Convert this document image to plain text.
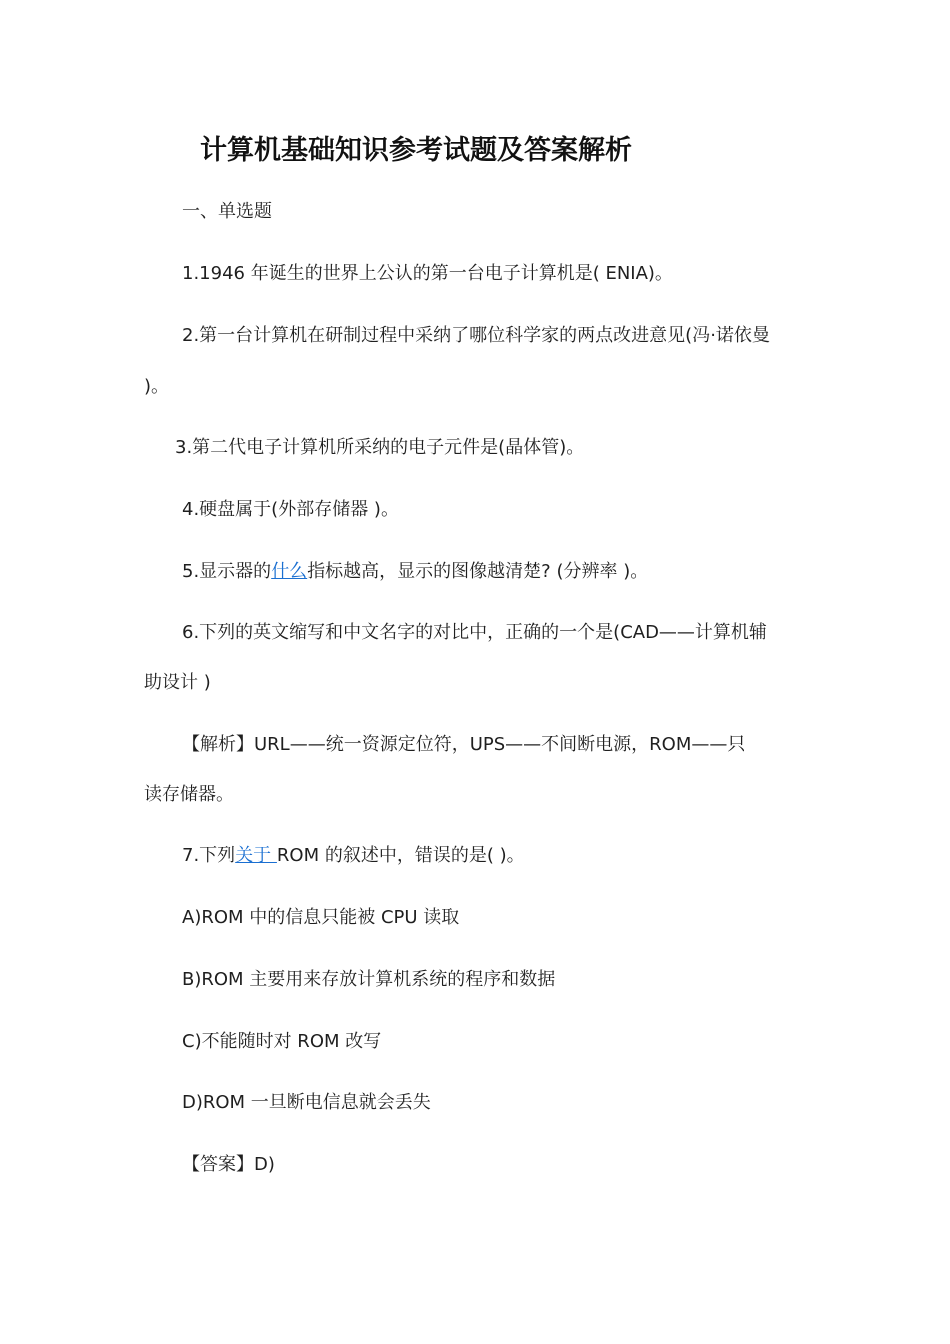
计算机基础知识参考试题及答案解析
一、单选题
1.1946 年诞生的世界上公认的第一台电子计算机是( ENIA)。
2.第一台计算机在研制过程中采纳了哪位科学家的两点改进意见(冯·诺依曼
)。
3.第二代电子计算机所采纳的电子元件是(晶体管)。
4.硬盘属于(外部存储器 )。
5.显示器的什么指标越高，显示的图像越清楚? (分辨率 )。
6.下列的英文缩写和中文名字的对比中，正确的一个是(CAD——计算机辅
助设计 )
【解析】URL——统一资源定位符，UPS——不间断电源，ROM——只
读存储器。
7.下列关于 ROM 的叙述中，错误的是( )。
A)ROM 中的信息只能被 CPU 读取
B)ROM 主要用来存放计算机系统的程序和数据
C)不能随时对 ROM 改写
D)ROM 一旦断电信息就会丢失
【答案】D)
